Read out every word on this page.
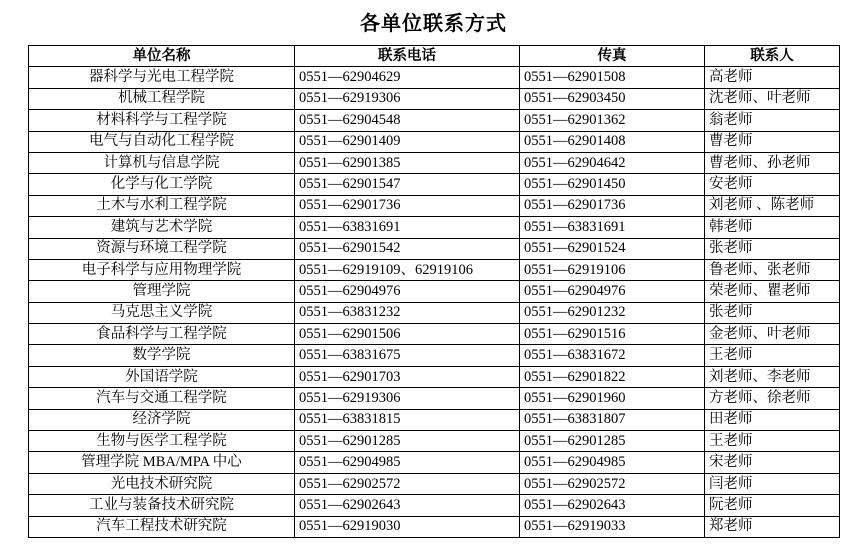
各单位联系方式
单位名称	联系电话	传真	联系人
器科学与光电工程学院	0551—62904629	0551—62901508	高老师
机械工程学院	0551—62919306	0551—62903450	沈老师、叶老师
材料科学与工程学院	0551—62904548	0551—62901362	翁老师
电气与自动化工程学院	0551—62901409	0551—62901408	曹老师
计算机与信息学院	0551—62901385	0551—62904642	曹老师、孙老师
化学与化工学院	0551—62901547	0551—62901450	安老师
土木与水利工程学院	0551—62901736	0551—62901736	刘老师 、陈老师
建筑与艺术学院	0551—63831691	0551—63831691	韩老师
资源与环境工程学院	0551—62901542	0551—62901524	张老师
电子科学与应用物理学院	0551—62919109、62919106	0551—62919106	鲁老师、张老师
管理学院	0551—62904976	0551—62904976	荣老师、瞿老师
马克思主义学院	0551—63831232	0551—62901232	张老师
食品科学与工程学院	0551—62901506	0551—62901516	金老师、叶老师
数学学院	0551—63831675	0551—63831672	王老师
外国语学院	0551—62901703	0551—62901822	刘老师、李老师
汽车与交通工程学院	0551—62919306	0551—62901960	方老师、徐老师
经济学院	0551—63831815	0551—63831807	田老师
生物与医学工程学院	0551—62901285	0551—62901285	王老师
管理学院 MBA/MPA 中心	0551—62904985	0551—62904985	宋老师
光电技术研究院	0551—62902572	0551—62902572	闫老师
工业与装备技术研究院	0551—62902643	0551—62902643	阮老师
汽车工程技术研究院	0551—62919030	0551—62919033	郑老师
